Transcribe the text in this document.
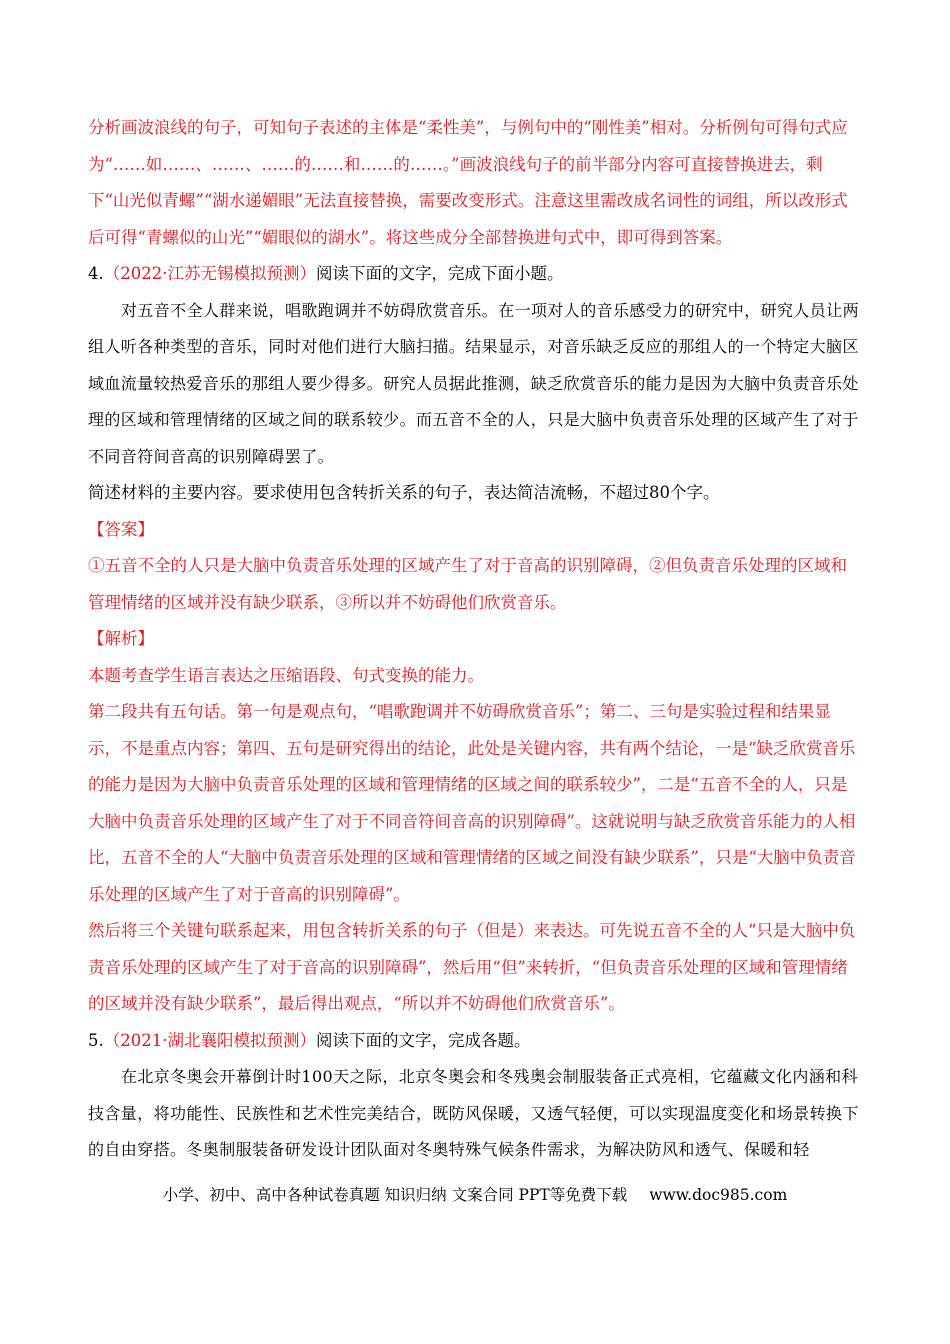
分析画波浪线的句子，可知句子表述的主体是“柔性美”，与例句中的“刚性美”相对。分析例句可得句式应为“……如……、……、……的……和……的……。”画波浪线句子的前半部分内容可直接替换进去，剩下“山光似青螺”“湖水递媚眼”无法直接替换，需要改变形式。注意这里需改成名词性的词组，所以改形式后可得“青螺似的山光”“媚眼似的湖水”。将这些成分全部替换进句式中，即可得到答案。

4.（2022·江苏无锡模拟预测）阅读下面的文字，完成下面小题。

对五音不全人群来说，唱歌跑调并不妨碍欣赏音乐。在一项对人的音乐感受力的研究中，研究人员让两组人听各种类型的音乐，同时对他们进行大脑扫描。结果显示，对音乐缺乏反应的那组人的一个特定大脑区域血流量较热爱音乐的那组人要少得多。研究人员据此推测，缺乏欣赏音乐的能力是因为大脑中负责音乐处理的区域和管理情绪的区域之间的联系较少。而五音不全的人，只是大脑中负责音乐处理的区域产生了对于不同音符间音高的识别障碍罢了。

简述材料的主要内容。要求使用包含转折关系的句子，表达简洁流畅，不超过80个字。

【答案】

①五音不全的人只是大脑中负责音乐处理的区域产生了对于音高的识别障碍，②但负责音乐处理的区域和管理情绪的区域并没有缺少联系，③所以并不妨碍他们欣赏音乐。

【解析】

本题考查学生语言表达之压缩语段、句式变换的能力。

第二段共有五句话。第一句是观点句，“唱歌跑调并不妨碍欣赏音乐”；第二、三句是实验过程和结果显示，不是重点内容；第四、五句是研究得出的结论，此处是关键内容，共有两个结论，一是“缺乏欣赏音乐的能力是因为大脑中负责音乐处理的区域和管理情绪的区域之间的联系较少”，二是“五音不全的人，只是大脑中负责音乐处理的区域产生了对于不同音符间音高的识别障碍”。这就说明与缺乏欣赏音乐能力的人相比，五音不全的人“大脑中负责音乐处理的区域和管理情绪的区域之间没有缺少联系”，只是“大脑中负责音乐处理的区域产生了对于音高的识别障碍”。

然后将三个关键句联系起来，用包含转折关系的句子（但是）来表达。可先说五音不全的人“只是大脑中负责音乐处理的区域产生了对于音高的识别障碍”，然后用“但”来转折，“但负责音乐处理的区域和管理情绪的区域并没有缺少联系”，最后得出观点，“所以并不妨碍他们欣赏音乐”。

5.（2021·湖北襄阳模拟预测）阅读下面的文字，完成各题。

在北京冬奥会开幕倒计时100天之际，北京冬奥会和冬残奥会制服装备正式亮相，它蕴藏文化内涵和科技含量，将功能性、民族性和艺术性完美结合，既防风保暖，又透气轻便，可以实现温度变化和场景转换下的自由穿搭。冬奥制服装备研发设计团队面对冬奥特殊气候条件需求，为解决防风和透气、保暖和轻

小学、初中、高中各种试卷真题 知识归纳 文案合同 PPT等免费下载 www.doc985.com
